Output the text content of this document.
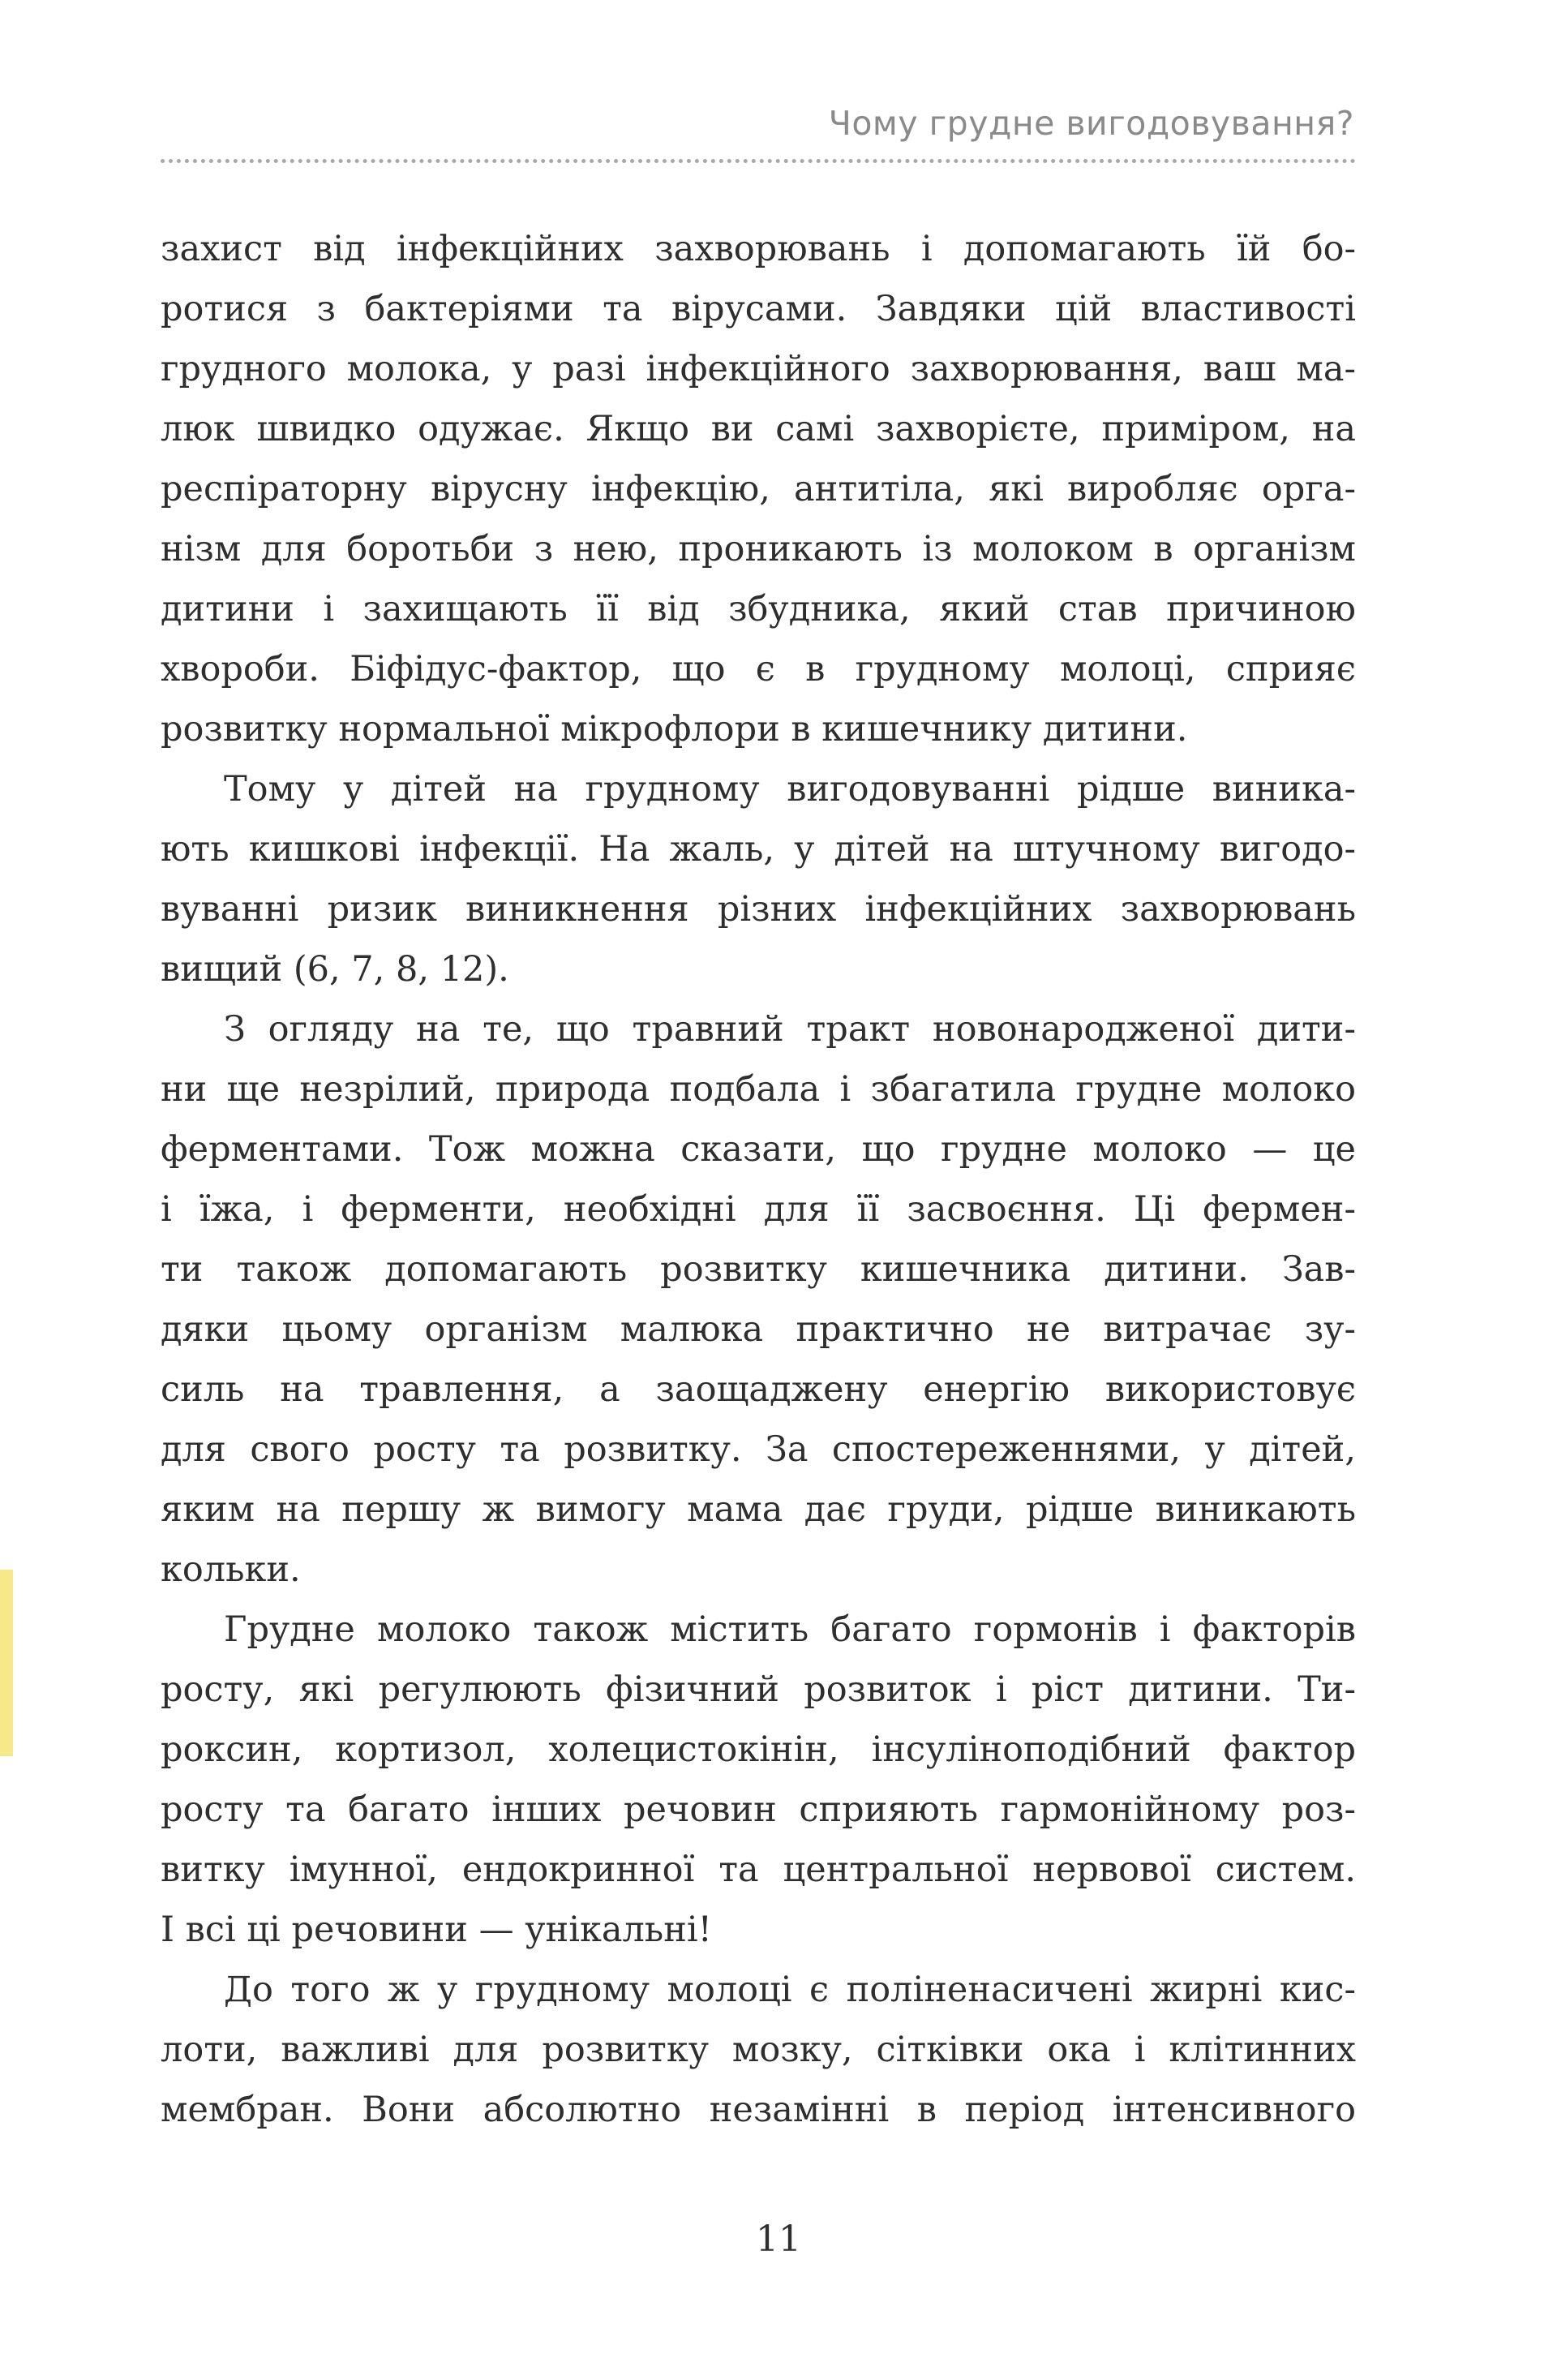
Чому грудне вигодовування?
захист від інфекційних захворювань і допомагають їй бо-
ротися з бактеріями та вірусами. Завдяки цій властивості
грудного молока, у разі інфекційного захворювання, ваш ма-
люк швидко одужає. Якщо ви самі захворієте, приміром, на
респіраторну вірусну інфекцію, антитіла, які виробляє орга-
нізм для боротьби з нею, проникають із молоком в організм
дитини і захищають її від збудника, який став причиною
хвороби. Біфідус-фактор, що є в грудному молоці, сприяє
розвитку нормальної мікрофлори в кишечнику дитини.
Тому у дітей на грудному вигодовуванні рідше виника-
ють кишкові інфекції. На жаль, у дітей на штучному вигодо-
вуванні ризик виникнення різних інфекційних захворювань
вищий (6, 7, 8, 12).
З огляду на те, що травний тракт новонародженої дити-
ни ще незрілий, природа подбала і збагатила грудне молоко
ферментами. Тож можна сказати, що грудне молоко — це
і їжа, і ферменти, необхідні для її засвоєння. Ці фермен-
ти також допомагають розвитку кишечника дитини. Зав-
дяки цьому організм малюка практично не витрачає зу-
силь на травлення, а заощаджену енергію використовує
для свого росту та розвитку. За спостереженнями, у дітей,
яким на першу ж вимогу мама дає груди, рідше виникають
кольки.
Грудне молоко також містить багато гормонів і факторів
росту, які регулюють фізичний розвиток і ріст дитини. Ти-
роксин, кортизол, холецистокінін, інсуліноподібний фактор
росту та багато інших речовин сприяють гармонійному роз-
витку імунної, ендокринної та центральної нервової систем.
І всі ці речовини — унікальні!
До того ж у грудному молоці є поліненасичені жирні кис-
лоти, важливі для розвитку мозку, сітківки ока і клітинних
мембран. Вони абсолютно незамінні в період інтенсивного
11
